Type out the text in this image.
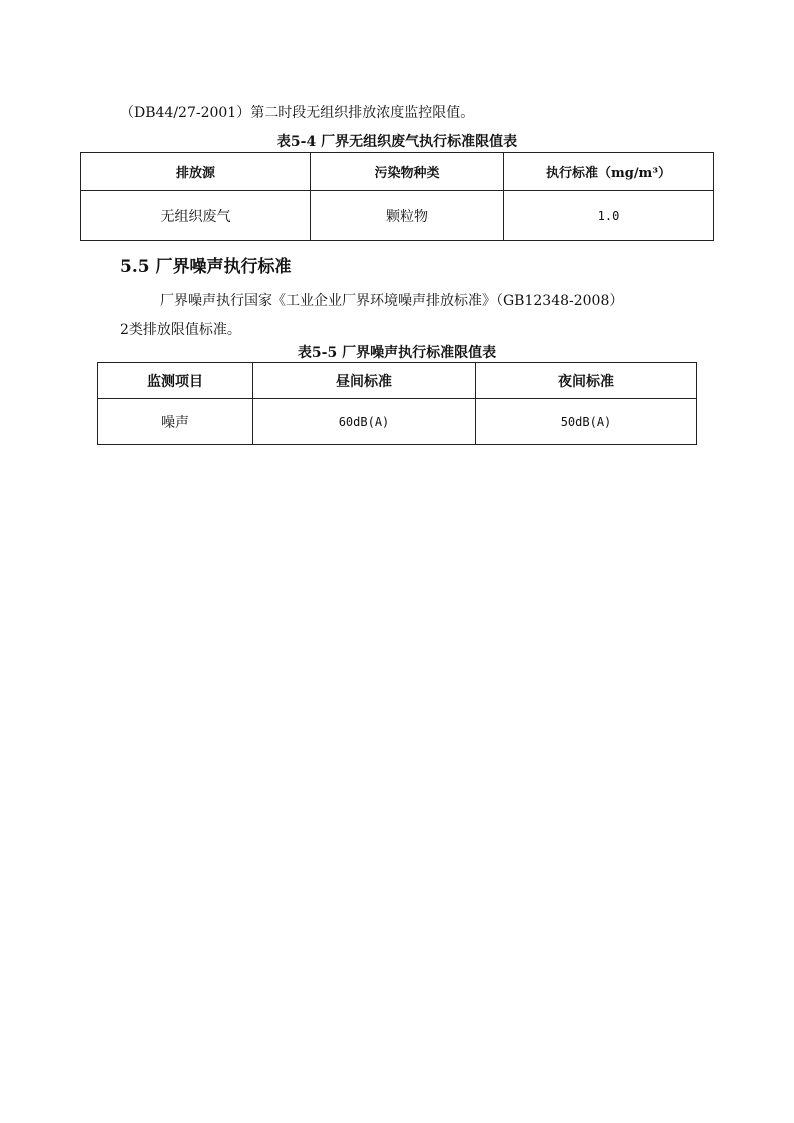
（DB44/27-2001）第二时段无组织排放浓度监控限值。
表5-4 厂界无组织废气执行标准限值表
排放源	污染物种类	执行标准（mg/m³）
无组织废气	颗粒物	1.0
5.5 厂界噪声执行标准
厂界噪声执行国家《工业企业厂界环境噪声排放标准》（GB12348-2008）
2类排放限值标准。
表5-5 厂界噪声执行标准限值表
监测项目	昼间标准	夜间标准
噪声	60dB(A)	50dB(A)
